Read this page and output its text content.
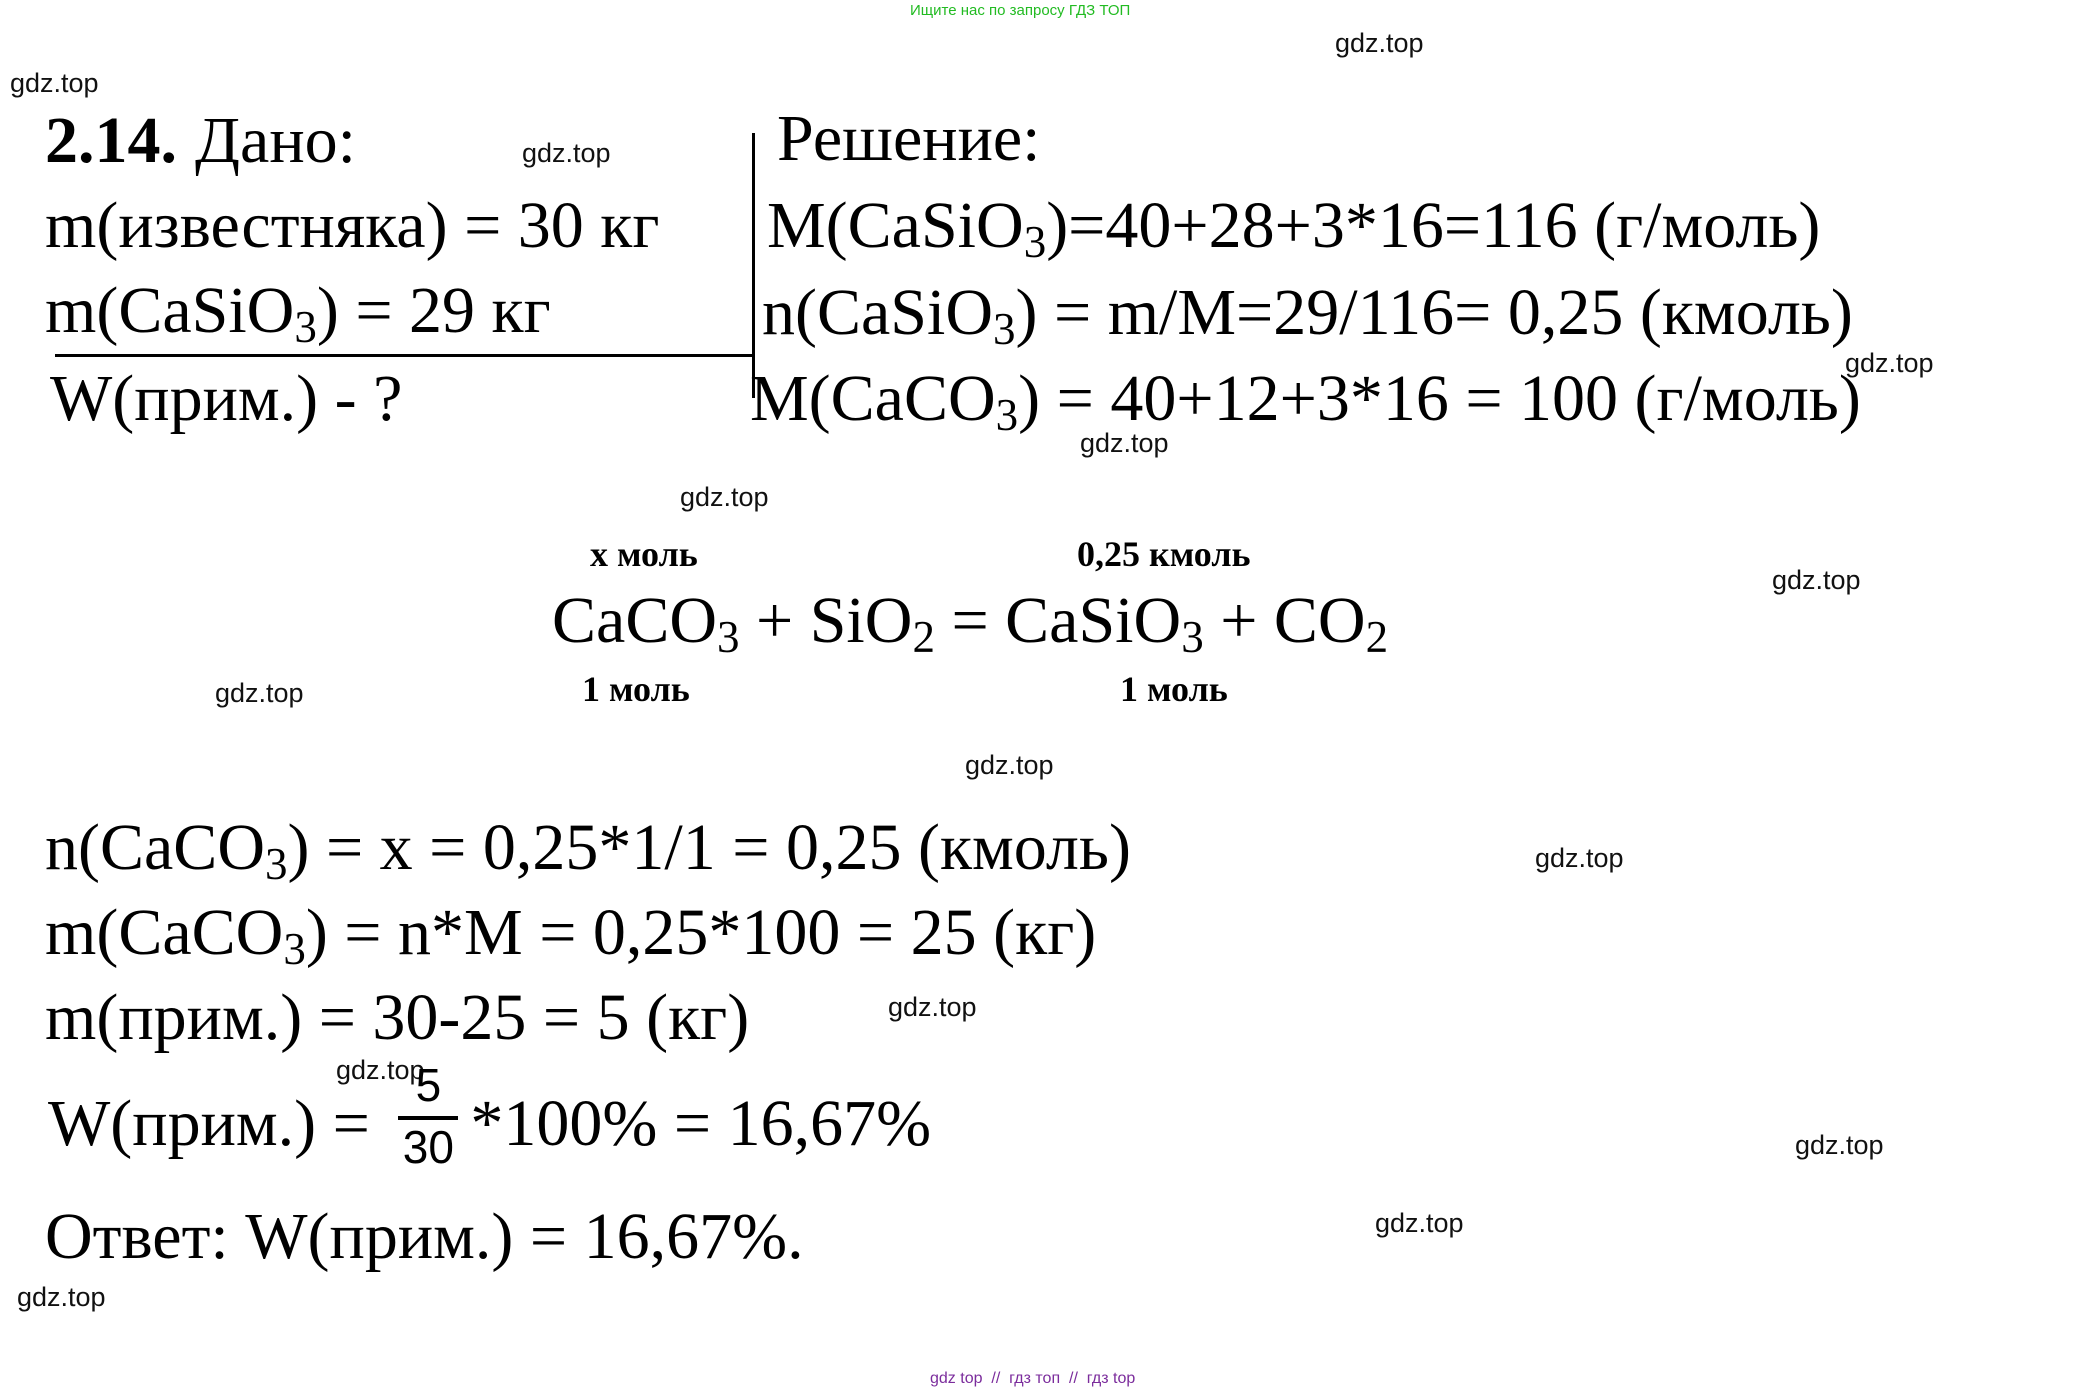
Ищите нас по запросу ГДЗ ТОП
gdz.top
gdz.top
gdz.top
gdz.top
gdz.top
gdz.top
gdz.top
gdz.top
gdz.top
gdz.top
gdz.top
gdz.top
gdz.top
gdz.top
gdz.top
2.14. Дано:
m(известняка) = 30 кг
m(CaSiO 3 ) = 29 кг
W(прим.) - ?
Решение:
M(CaSiO 3 )=40+28+3*16=116 (г/моль)
n(CaSiO 3 ) = m/M=29/116= 0,25 (кмоль)
M(CaCO 3 ) = 40+12+3*16 = 100 (г/моль)
x моль	0,25 кмоль
CaCO 3 + SiO 2 = CaSiO 3 + CO 2
1 моль	1 моль
n(CaCO 3 ) = x = 0,25*1/1 = 0,25 (кмоль)
m(CaCO 3 ) = n*M = 0,25*100 = 25 (кг)
m(прим.) = 30-25 = 5 (кг)
W(прим.) = $\frac{5}{30} *100\% = 16,67\%$
Ответ: W(прим.) = 16,67%.
gdz top  //  гдз топ  //  гдз top
